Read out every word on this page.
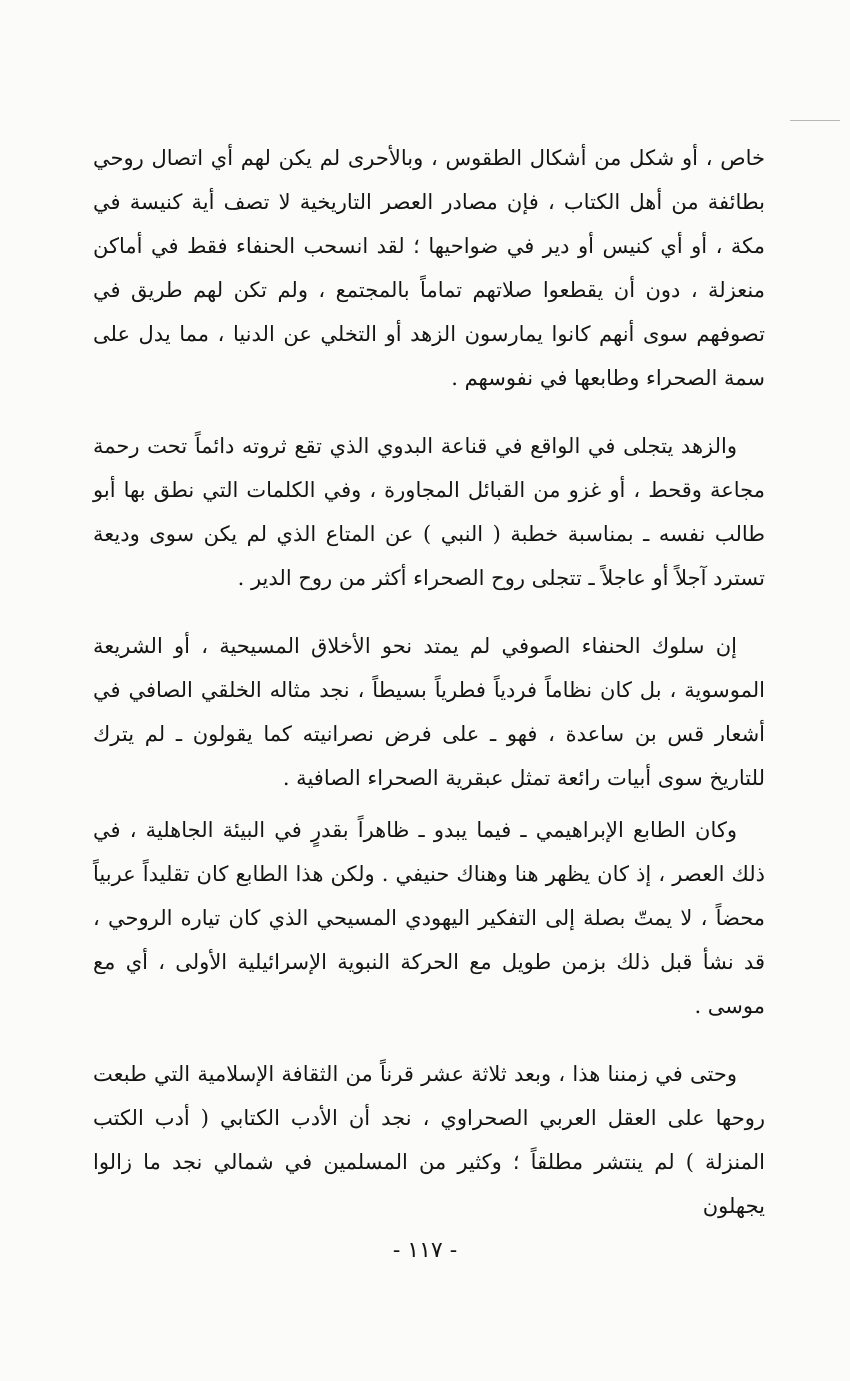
خاص ، أو شكل من أشكال الطقوس ، وبالأحرى لم يكن لهم أي اتصال روحي بطائفة من أهل الكتاب ، فإن مصادر العصر التاريخية لا تصف أية كنيسة في مكة ، أو أي كنيس أو دير في ضواحيها ؛ لقد انسحب الحنفاء فقط في أماكن منعزلة ، دون أن يقطعوا صلاتهم تماماً بالمجتمع ، ولم تكن لهم طريق في تصوفهم سوى أنهم كانوا يمارسون الزهد أو التخلي عن الدنيا ، مما يدل على سمة الصحراء وطابعها في نفوسهم .

والزهد يتجلى في الواقع في قناعة البدوي الذي تقع ثروته دائماً تحت رحمة مجاعة وقحط ، أو غزو من القبائل المجاورة ، وفي الكلمات التي نطق بها أبو طالب نفسه ـ بمناسبة خطبة ( النبي ) عن المتاع الذي لم يكن سوى وديعة تسترد آجلاً أو عاجلاً ـ تتجلى روح الصحراء أكثر من روح الدير .

إن سلوك الحنفاء الصوفي لم يمتد نحو الأخلاق المسيحية ، أو الشريعة الموسوية ، بل كان نظاماً فردياً فطرياً بسيطاً ، نجد مثاله الخلقي الصافي في أشعار قس بن ساعدة ، فهو ـ على فرض نصرانيته كما يقولون ـ لم يترك للتاريخ سوى أبيات رائعة تمثل عبقرية الصحراء الصافية .

وكان الطابع الإبراهيمي ـ فيما يبدو ـ ظاهراً بقدرٍ في البيئة الجاهلية ، في ذلك العصر ، إذ كان يظهر هنا وهناك حنيفي . ولكن هذا الطابع كان تقليداً عربياً محضاً ، لا يمتّ بصلة إلى التفكير اليهودي المسيحي الذي كان تياره الروحي ، قد نشأ قبل ذلك بزمن طويل مع الحركة النبوية الإسرائيلية الأولى ، أي مع موسى .

وحتى في زمننا هذا ، وبعد ثلاثة عشر قرناً من الثقافة الإسلامية التي طبعت روحها على العقل العربي الصحراوي ، نجد أن الأدب الكتابي ( أدب الكتب المنزلة ) لم ينتشر مطلقاً ؛ وكثير من المسلمين في شمالي نجد ما زالوا يجهلون

- ١١٧ -
